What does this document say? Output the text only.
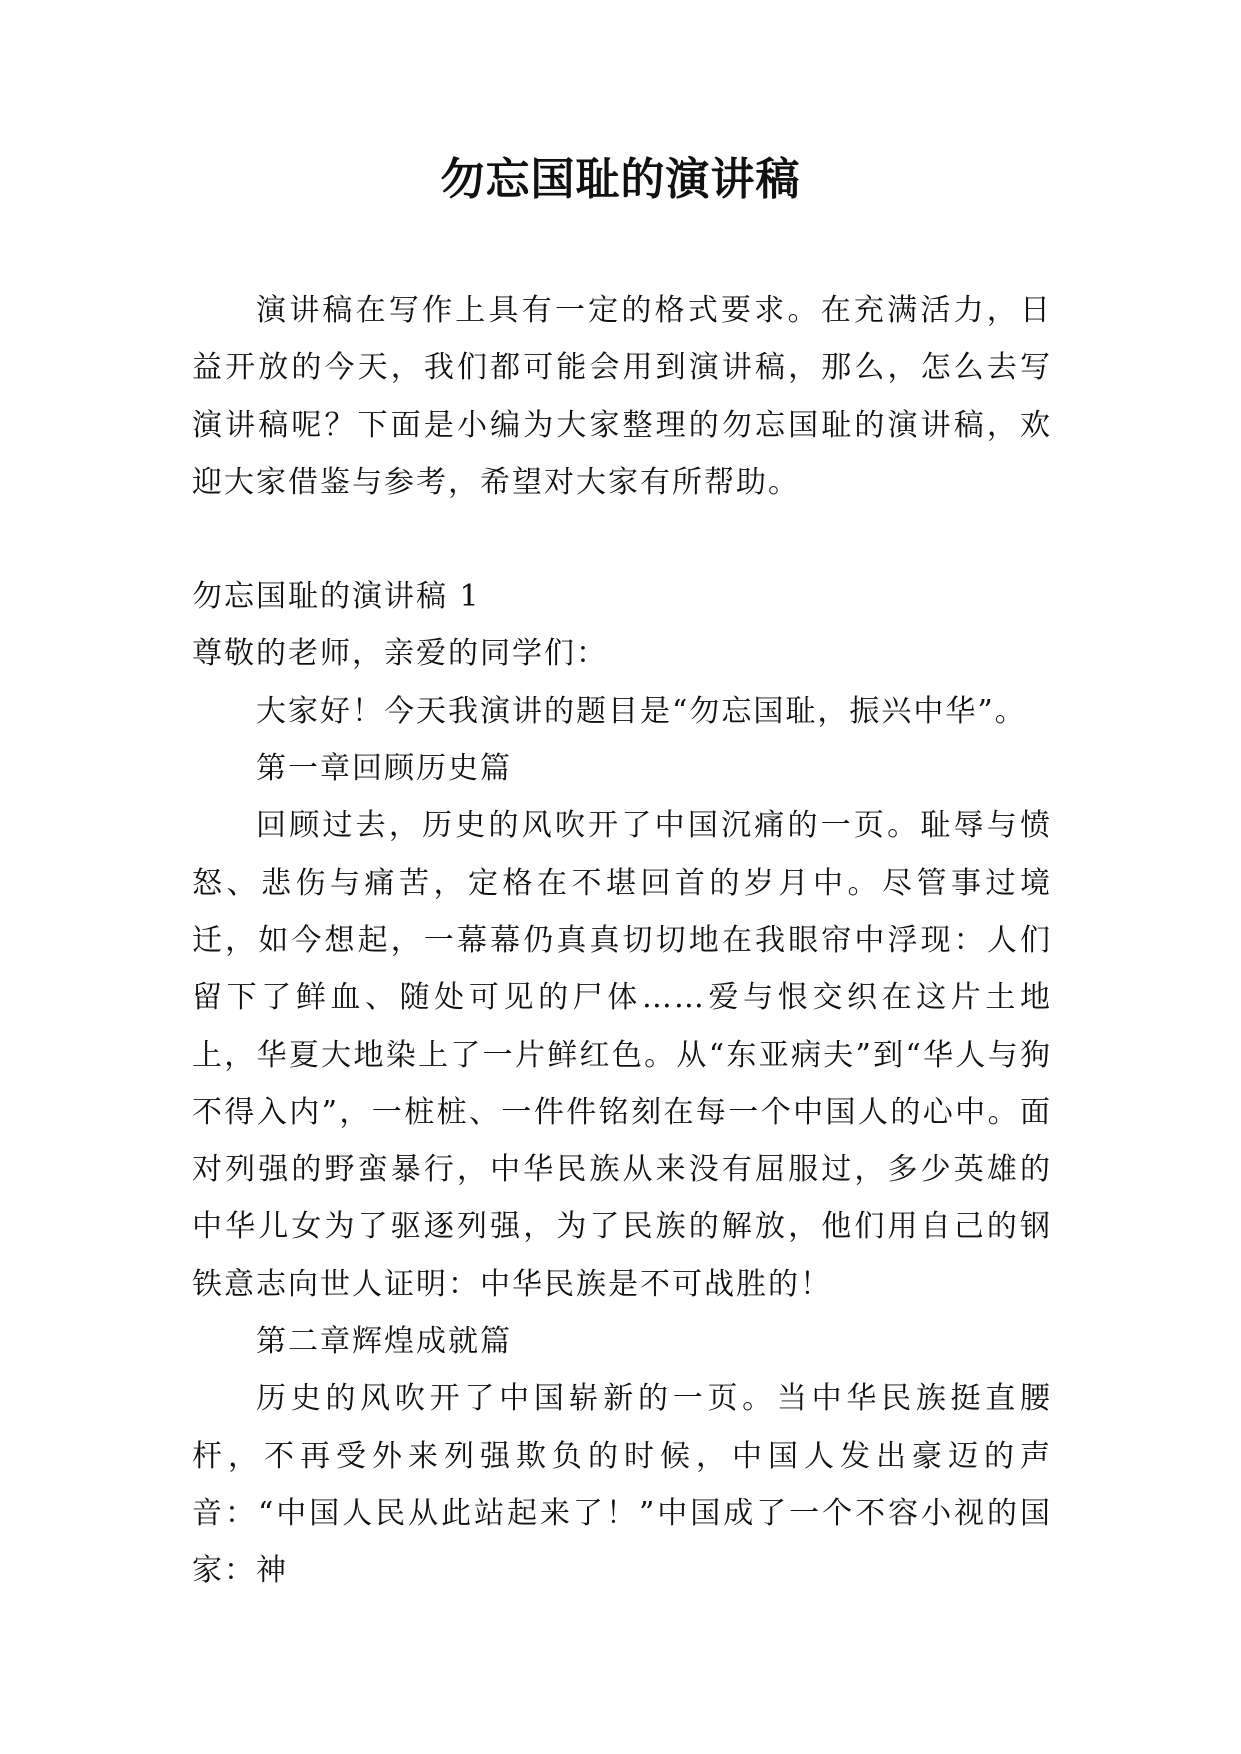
勿忘国耻的演讲稿

演讲稿在写作上具有一定的格式要求。在充满活力，日益开放的今天，我们都可能会用到演讲稿，那么，怎么去写演讲稿呢？下面是小编为大家整理的勿忘国耻的演讲稿，欢迎大家借鉴与参考，希望对大家有所帮助。

勿忘国耻的演讲稿 1

尊敬的老师，亲爱的同学们：

大家好！今天我演讲的题目是“勿忘国耻，振兴中华”。

第一章回顾历史篇

回顾过去，历史的风吹开了中国沉痛的一页。耻辱与愤怒、悲伤与痛苦，定格在不堪回首的岁月中。尽管事过境迁，如今想起，一幕幕仍真真切切地在我眼帘中浮现：人们留下了鲜血、随处可见的尸体……爱与恨交织在这片土地上，华夏大地染上了一片鲜红色。从“东亚病夫”到“华人与狗不得入内”，一桩桩、一件件铭刻在每一个中国人的心中。面对列强的野蛮暴行，中华民族从来没有屈服过，多少英雄的中华儿女为了驱逐列强，为了民族的解放，他们用自己的钢铁意志向世人证明：中华民族是不可战胜的！

第二章辉煌成就篇

历史的风吹开了中国崭新的一页。当中华民族挺直腰杆，不再受外来列强欺负的时候，中国人发出豪迈的声音：“中国人民从此站起来了！”中国成了一个不容小视的国家：神
